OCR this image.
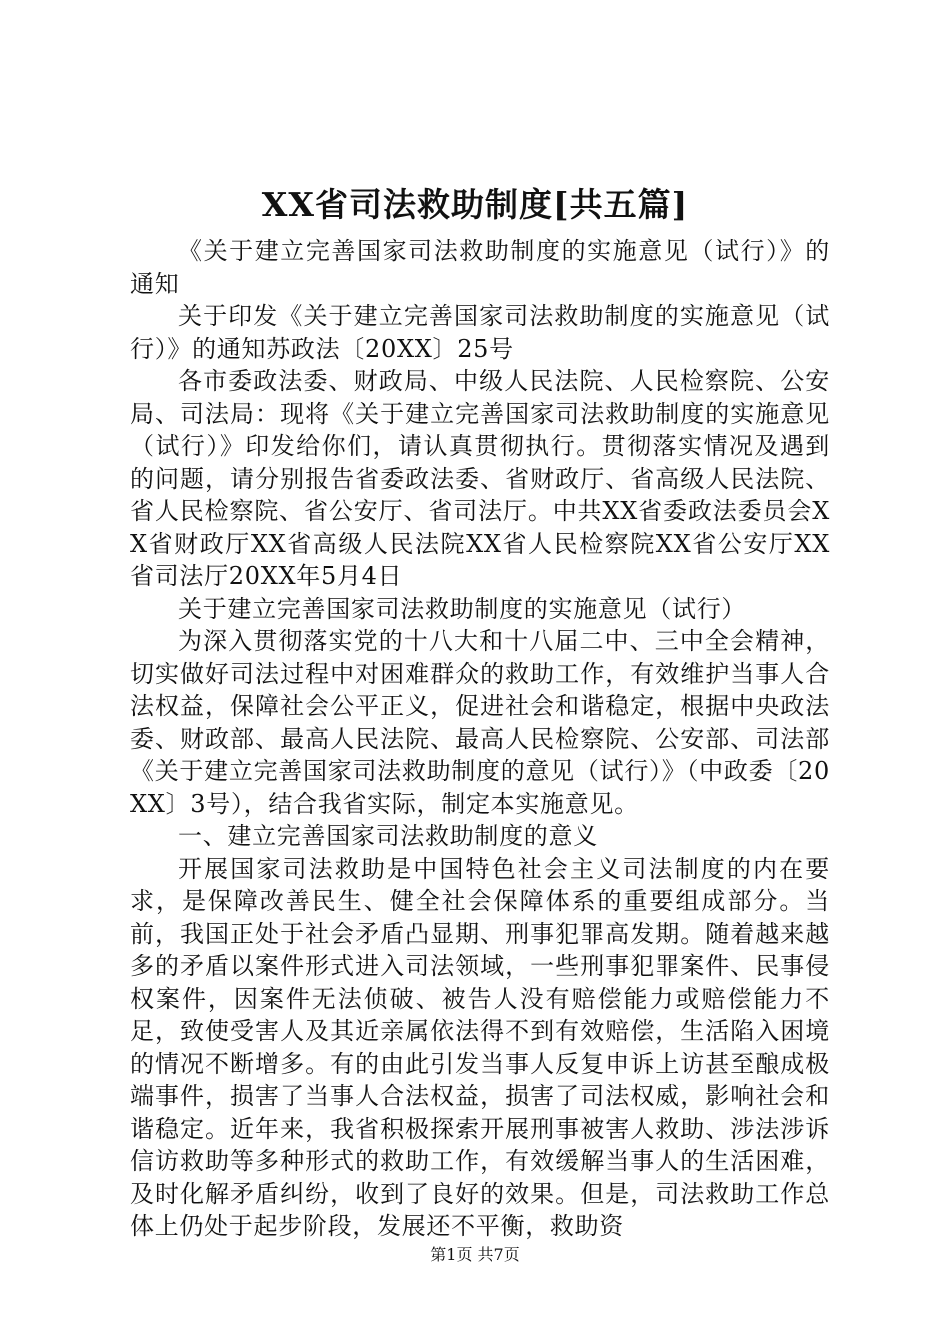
XX省司法救助制度[共五篇]

《关于建立完善国家司法救助制度的实施意见（试行）》的通知

关于印发《关于建立完善国家司法救助制度的实施意见（试行）》的通知苏政法〔20XX〕25号

各市委政法委、财政局、中级人民法院、人民检察院、公安局、司法局：现将《关于建立完善国家司法救助制度的实施意见（试行）》印发给你们，请认真贯彻执行。贯彻落实情况及遇到的问题，请分别报告省委政法委、省财政厅、省高级人民法院、省人民检察院、省公安厅、省司法厅。中共XX省委政法委员会XX省财政厅XX省高级人民法院XX省人民检察院XX省公安厅XX省司法厅20XX年5月4日

关于建立完善国家司法救助制度的实施意见（试行）

为深入贯彻落实党的十八大和十八届二中、三中全会精神，切实做好司法过程中对困难群众的救助工作，有效维护当事人合法权益，保障社会公平正义，促进社会和谐稳定，根据中央政法委、财政部、最高人民法院、最高人民检察院、公安部、司法部《关于建立完善国家司法救助制度的意见（试行）》（中政委〔20XX〕3号），结合我省实际，制定本实施意见。

一、建立完善国家司法救助制度的意义

开展国家司法救助是中国特色社会主义司法制度的内在要求，是保障改善民生、健全社会保障体系的重要组成部分。当前，我国正处于社会矛盾凸显期、刑事犯罪高发期。随着越来越多的矛盾以案件形式进入司法领域，一些刑事犯罪案件、民事侵权案件，因案件无法侦破、被告人没有赔偿能力或赔偿能力不足，致使受害人及其近亲属依法得不到有效赔偿，生活陷入困境的情况不断增多。有的由此引发当事人反复申诉上访甚至酿成极端事件，损害了当事人合法权益，损害了司法权威，影响社会和谐稳定。近年来，我省积极探索开展刑事被害人救助、涉法涉诉信访救助等多种形式的救助工作，有效缓解当事人的生活困难，及时化解矛盾纠纷，收到了良好的效果。但是，司法救助工作总体上仍处于起步阶段，发展还不平衡，救助资

第1页 共7页
